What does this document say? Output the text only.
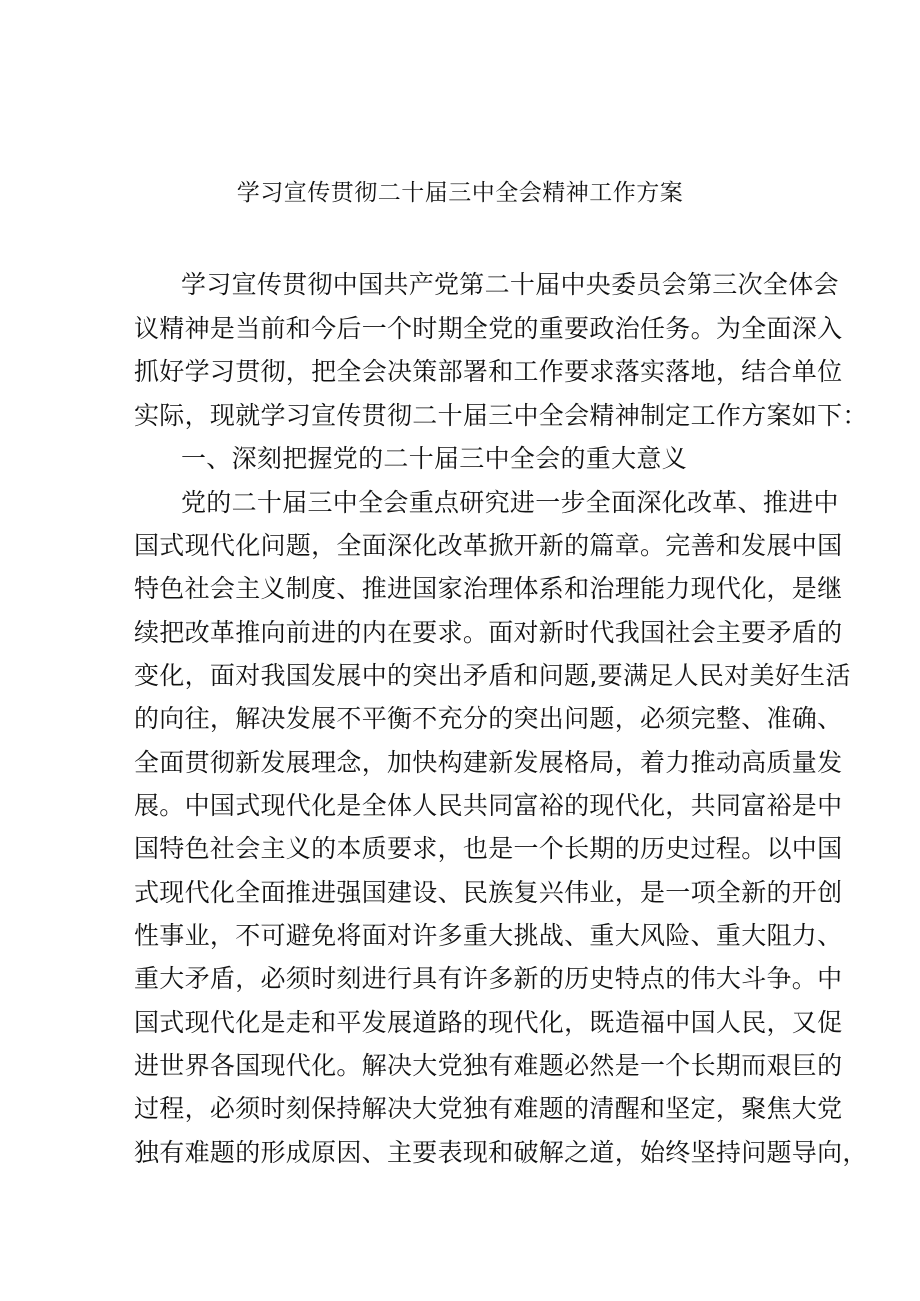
学习宣传贯彻二十届三中全会精神工作方案

学习宣传贯彻中国共产党第二十届中央委员会第三次全体会

议精神是当前和今后一个时期全党的重要政治任务。为全面深入

抓好学习贯彻，把全会决策部署和工作要求落实落地，结合单位

实际，现就学习宣传贯彻二十届三中全会精神制定工作方案如下：

一、深刻把握党的二十届三中全会的重大意义

党的二十届三中全会重点研究进一步全面深化改革、推进中

国式现代化问题，全面深化改革掀开新的篇章。完善和发展中国

特色社会主义制度、推进国家治理体系和治理能力现代化，是继

续把改革推向前进的内在要求。面对新时代我国社会主要矛盾的

变化，面对我国发展中的突出矛盾和问题,要满足人民对美好生活

的向往，解决发展不平衡不充分的突出问题，必须完整、准确、

全面贯彻新发展理念，加快构建新发展格局，着力推动高质量发

展。中国式现代化是全体人民共同富裕的现代化，共同富裕是中

国特色社会主义的本质要求，也是一个长期的历史过程。以中国

式现代化全面推进强国建设、民族复兴伟业，是一项全新的开创

性事业，不可避免将面对许多重大挑战、重大风险、重大阻力、

重大矛盾，必须时刻进行具有许多新的历史特点的伟大斗争。中

国式现代化是走和平发展道路的现代化，既造福中国人民，又促

进世界各国现代化。解决大党独有难题必然是一个长期而艰巨的

过程，必须时刻保持解决大党独有难题的清醒和坚定，聚焦大党

独有难题的形成原因、主要表现和破解之道，始终坚持问题导向，
